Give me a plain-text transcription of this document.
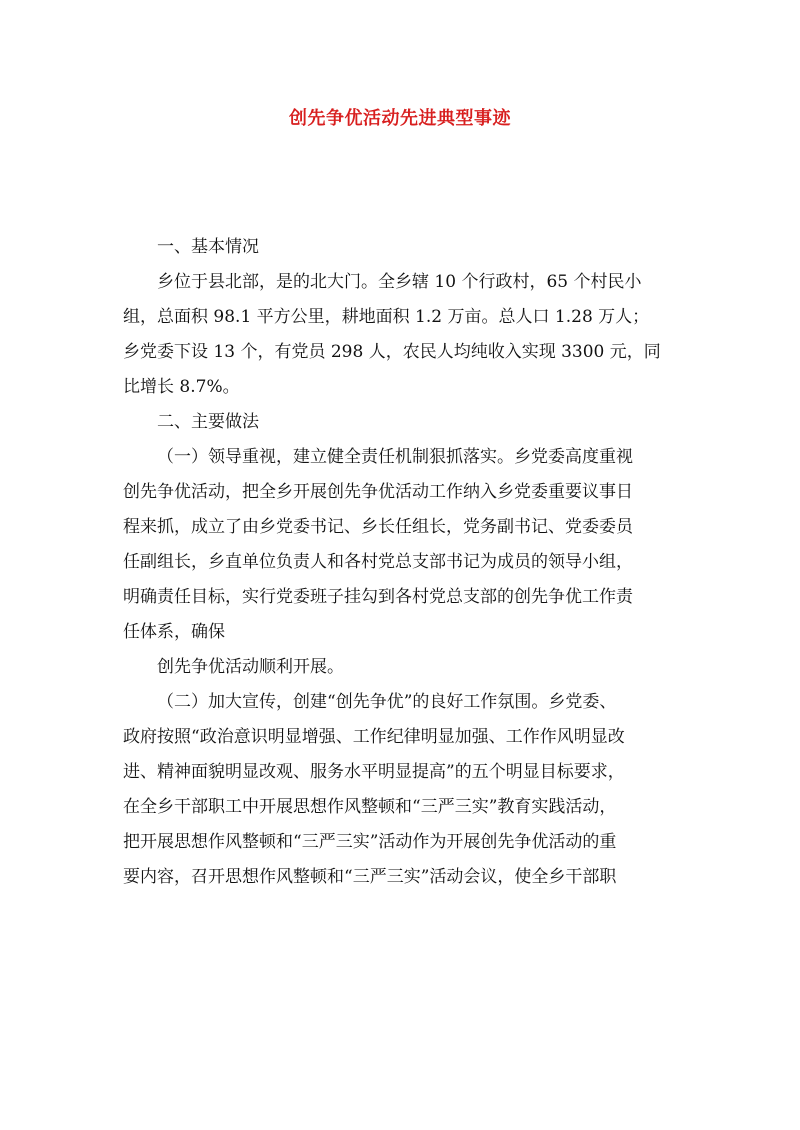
创先争优活动先进典型事迹
一、基本情况
乡位于县北部，是的北大门。全乡辖 10 个行政村，65 个村民小
组，总面积 98.1 平方公里，耕地面积 1.2 万亩。总人口 1.28 万人；
乡党委下设 13 个，有党员 298 人，农民人均纯收入实现 3300 元，同
比增长 8.7%。
二、主要做法
（一）领导重视，建立健全责任机制狠抓落实。乡党委高度重视
创先争优活动，把全乡开展创先争优活动工作纳入乡党委重要议事日
程来抓，成立了由乡党委书记、乡长任组长，党务副书记、党委委员
任副组长，乡直单位负责人和各村党总支部书记为成员的领导小组，
明确责任目标，实行党委班子挂勾到各村党总支部的创先争优工作责
任体系，确保
创先争优活动顺利开展。
（二）加大宣传，创建“创先争优”的良好工作氛围。乡党委、
政府按照“政治意识明显增强、工作纪律明显加强、工作作风明显改
进、精神面貌明显改观、服务水平明显提高”的五个明显目标要求，
在全乡干部职工中开展思想作风整顿和“三严三实”教育实践活动，
把开展思想作风整顿和“三严三实”活动作为开展创先争优活动的重
要内容，召开思想作风整顿和“三严三实”活动会议，使全乡干部职
